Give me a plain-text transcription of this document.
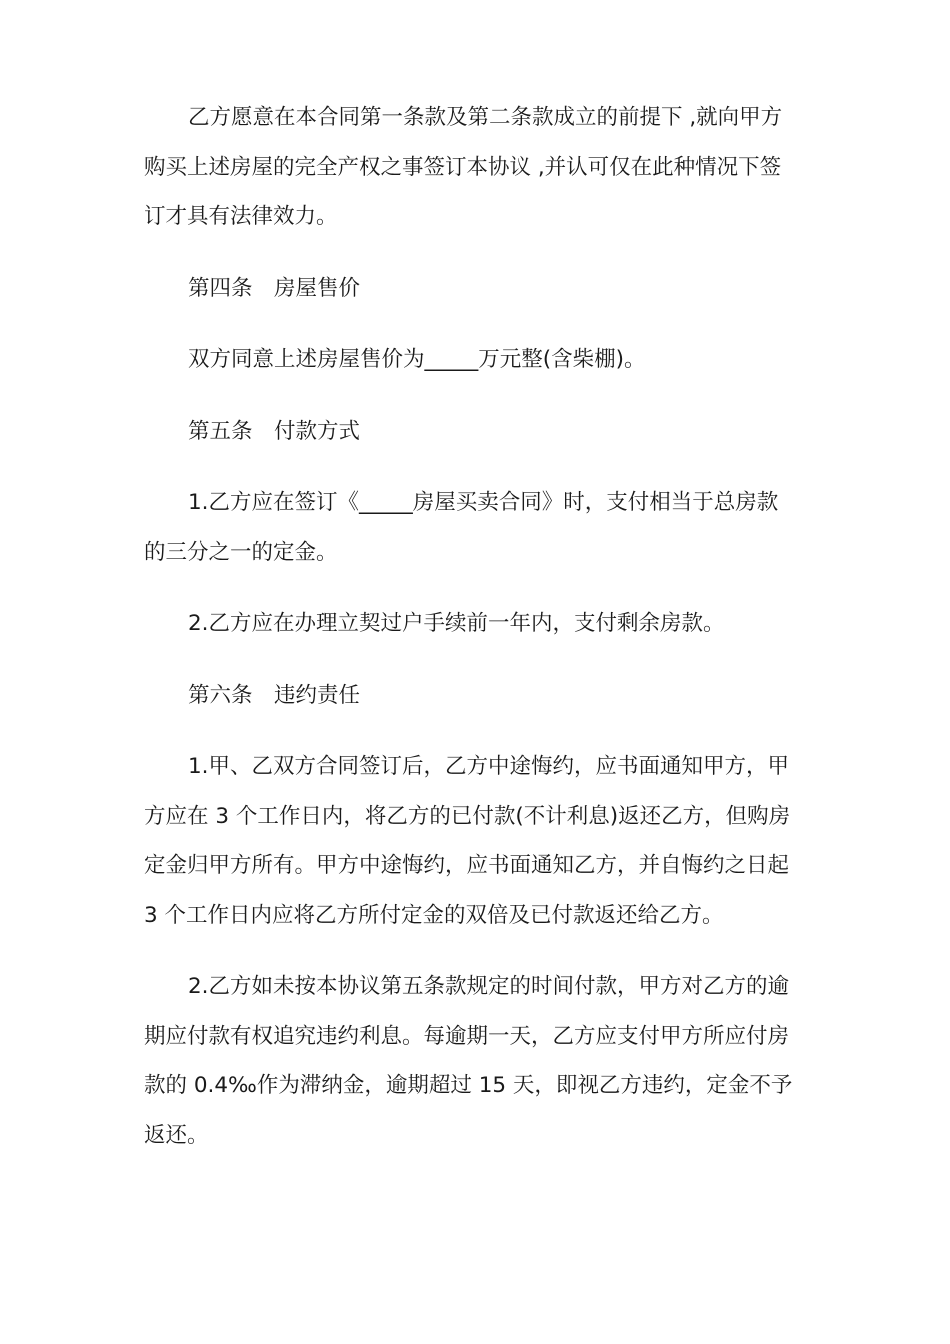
乙方愿意在本合同第一条款及第二条款成立的前提下 ,就向甲方
购买上述房屋的完全产权之事签订本协议 ,并认可仅在此种情况下签
订才具有法律效力。
第四条　房屋售价
双方同意上述房屋售价为_____万元整(含柴棚)。
第五条　付款方式
1.乙方应在签订《_____房屋买卖合同》时，支付相当于总房款
的三分之一的定金。
2.乙方应在办理立契过户手续前一年内，支付剩余房款。
第六条　违约责任
1.甲、乙双方合同签订后，乙方中途悔约，应书面通知甲方，甲
方应在 3 个工作日内，将乙方的已付款(不计利息)返还乙方，但购房
定金归甲方所有。甲方中途悔约，应书面通知乙方，并自悔约之日起
3 个工作日内应将乙方所付定金的双倍及已付款返还给乙方。
2.乙方如未按本协议第五条款规定的时间付款，甲方对乙方的逾
期应付款有权追究违约利息。每逾期一天，乙方应支付甲方所应付房
款的 0.4‰作为滞纳金，逾期超过 15 天，即视乙方违约，定金不予
返还。
